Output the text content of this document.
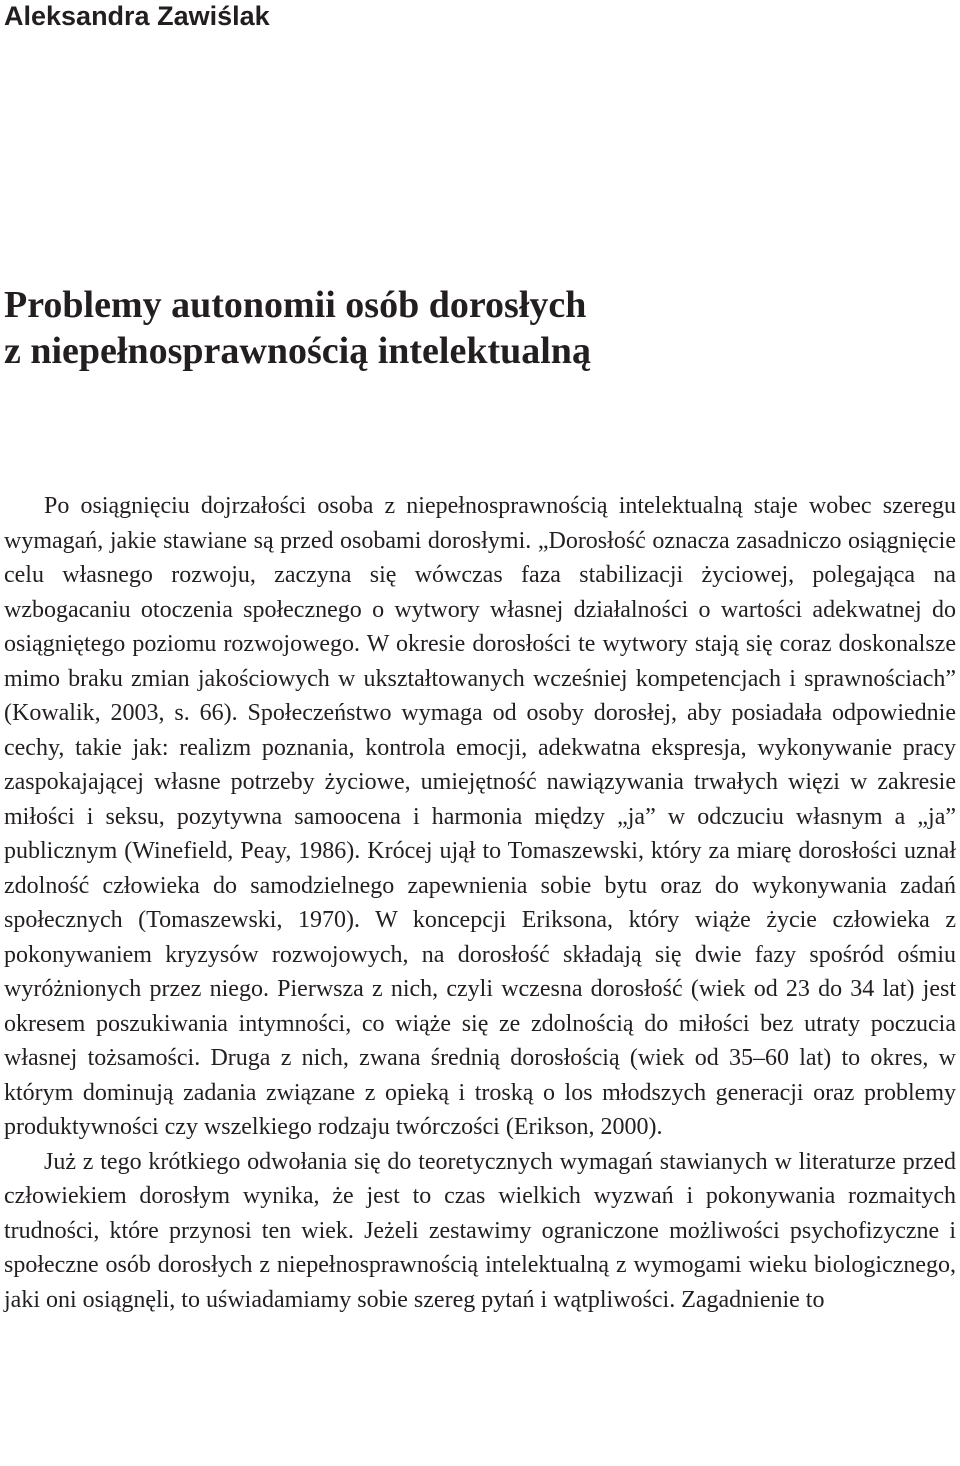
Aleksandra Zawiślak
Problemy autonomii osób dorosłych
z niepełnosprawnością intelektualną

Po osiągnięciu dojrzałości osoba z niepełnosprawnością intelektualną staje wobec szeregu wymagań, jakie stawiane są przed osobami dorosłymi. „Dorosłość oznacza zasadniczo osiągnięcie celu własnego rozwoju, zaczyna się wówczas faza stabilizacji życiowej, polegająca na wzbogacaniu otoczenia społecznego o wytwory własnej działalności o wartości adekwatnej do osiągniętego poziomu rozwojowego. W okresie dorosłości te wytwory stają się coraz doskonalsze mimo braku zmian jakościowych w ukształtowanych wcześniej kompetencjach i sprawnościach” (Kowalik, 2003, s. 66). Społeczeństwo wymaga od osoby dorosłej, aby posiadała odpowiednie cechy, takie jak: realizm poznania, kontrola emocji, adekwatna ekspresja, wykonywanie pracy zaspokajającej własne potrzeby życiowe, umiejętność nawiązywania trwałych więzi w zakresie miłości i seksu, pozytywna samoocena i harmonia między „ja” w odczuciu własnym a „ja” publicznym (Winefield, Peay, 1986). Krócej ujął to Tomaszewski, który za miarę dorosłości uznał zdolność człowieka do samodzielnego zapewnienia sobie bytu oraz do wykonywania zadań społecznych (Tomaszewski, 1970). W koncepcji Eriksona, który wiąże życie człowieka z pokonywaniem kryzysów rozwojowych, na dorosłość składają się dwie fazy spośród ośmiu wyróżnionych przez niego. Pierwsza z nich, czyli wczesna dorosłość (wiek od 23 do 34 lat) jest okresem poszukiwania intymności, co wiąże się ze zdolnością do miłości bez utraty poczucia własnej tożsamości. Druga z nich, zwana średnią dorosłością (wiek od 35–60 lat) to okres, w którym dominują zadania związane z opieką i troską o los młodszych generacji oraz problemy produktywności czy wszelkiego rodzaju twórczości (Erikson, 2000).

Już z tego krótkiego odwołania się do teoretycznych wymagań stawianych w literaturze przed człowiekiem dorosłym wynika, że jest to czas wielkich wyzwań i pokonywania rozmaitych trudności, które przynosi ten wiek. Jeżeli zestawimy ograniczone możliwości psychofizyczne i społeczne osób dorosłych z niepełnosprawnością intelektualną z wymogami wieku biologicznego, jaki oni osiągnęli, to uświadamiamy sobie szereg pytań i wątpliwości. Zagadnienie to
